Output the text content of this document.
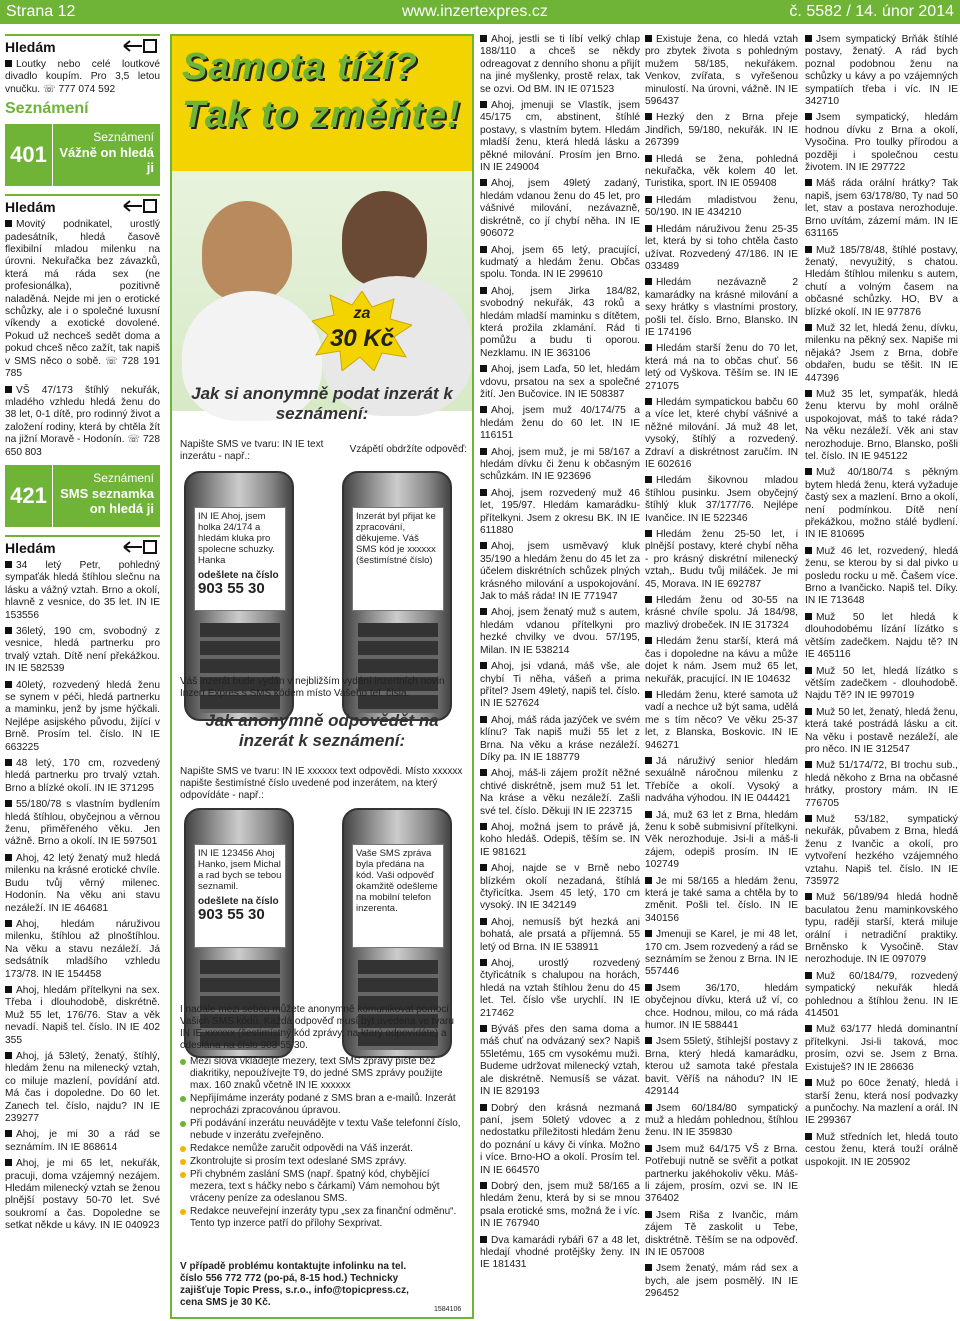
Strana 12	www.inzertexpres.cz	č. 5582 / 14. únor 2014
Hledám

Loutky nebo celé loutkové divadlo koupím. Pro 3,5 letou vnučku. ☏ 777 074 592

Seznámení
401
Seznámení
Vážně on hledá ji
Hledám

Movitý podnikatel, urostlý padesátník, hledá časově flexibilní mladou milenku na úrovni. Nekuřačka bez závazků, která má ráda sex (ne profesionálka), pozitivně naladěná. Nejde mi jen o erotické schůzky, ale i o společné luxusní víkendy a exotické dovolené. Pokud už nechceš sedět doma a pokud chceš něco zažít, tak napiš v SMS něco o sobě. ☏ 728 191 785

VŠ 47/173 štíhlý nekuřák, mladého vzhledu hledá ženu do 38 let, 0-1 dítě, pro rodinný život a založení rodiny, která by chtěla žít na jižní Moravě - Hodonín. ☏ 728 650 803

421
Seznámení
SMS seznamka on hledá ji
Hledám

34 letý Petr, pohledný sympaťák hledá štíhlou slečnu na lásku a vážný vztah. Brno a okolí, hlavně z vesnice, do 35 let. IN IE 153556

36letý, 190 cm, svobodný z vesnice, hledá partnerku pro trvalý vztah. Dítě není překážkou. IN IE 582539

40letý, rozvedený hledá ženu se synem v péči, hledá partnerku a maminku, jenž by jsme hýčkali. Nejlépe asijského původu, žijící v Brně. Prosím tel. číslo. IN IE 663225

48 letý, 170 cm, rozvedený hledá partnerku pro trvalý vztah. Brno a blízké okolí. IN IE 371295

55/180/78 s vlastním bydlením hledá štíhlou, obyčejnou a věrnou ženu, přiměřeného věku. Jen vážně. Brno a okolí. IN IE 597501

Ahoj, 42 letý ženatý muž hledá milenku na krásné erotické chvíle. Budu tvůj věrný milenec. Hodonín. Na věku ani stavu nezáleží. IN IE 464681

Ahoj, hledám náruživou milenku, štíhlou až plnoštíhlou. Na věku a stavu nezáleží. Já sedsátník mladšího vzhledu 173/78. IN IE 154458

Ahoj, hledám přítelkyni na sex. Třeba i dlouhodobě, diskrétně. Muž 55 let, 176/76. Stav a věk nevadí. Napiš tel. číslo. IN IE 402 355

Ahoj, já 53letý, ženatý, štíhlý, hledám ženu na milenecký vztah, co miluje mazlení, povídání atd. Má čas i dopoledne. Do 60 let. Zanech tel. číslo, najdu? IN IE 239277

Ahoj, je mi 30 a rád se seznámím. IN IE 868614

Ahoj, je mi 65 let, nekuřák, pracuji, doma vzájemný nezájem. Hledám milenecký vztah se ženou plnější postavy 50-70 let. Své soukromí a čas. Dopoledne se setkat někde u kávy. IN IE 040923

Samota tíží?
Tak to změňte!
za
30 Kč
Jak si anonymně podat inzerát k seznámení:
Napište SMS ve tvaru: IN IE text inzerátu - např.:
Vzápětí obdržíte odpověď:
IN IE Ahoj, jsem holka 24/174 a hledám kluka pro spolecne schuzky. Hanka
odešlete na číslo
903 55 30
Inzerát byl přijat ke zpracování, děkujeme. Váš SMS kód je xxxxxx (šestimístné číslo)
Váš inzerát bude vydán v nejbližším vydání inzertních novin Inzert Expres s SMS kódem místo Vašeho tel. čísla.
Jak anonymně odpovědět na inzerát k seznámení:
Napište SMS ve tvaru: IN IE xxxxxx text odpovědi. Místo xxxxxx napište šestimístné číslo uvedené pod inzerátem, na který odpovídáte - např.:
IN IE 123456 Ahoj Hanko, jsem Michal a rad bych se tebou seznamil.
odešlete na číslo
903 55 30
Vaše SMS zpráva byla předána na kód. Vaši odpověď okamžitě odešleme na mobilní telefon inzerenta.
I nadále mezi sebou můžete anonymně komunikovat pomocí Vašich SMS kódů. Každá odpověď musí být uvedena ve tvaru IN IE xxxxxx (šestimístný kód zprávy, na který odpovídáte) a odeslána na číslo 903 55 30.
Mezi slova vkládejte mezery, text SMS zprávy pište bez diakritiky, nepoužívejte T9, do jedné SMS zprávy použijte max. 160 znaků včetně IN IE xxxxxx
Nepřijímáme inzeráty podané z SMS bran a e-mailů. Inzerát neprocházi zpracovánou úpravou.
Při podávání inzerátu neuvádějte v textu Vaše telefonní číslo, nebude v inzerátu zveřejněno.
Redakce nemůže zaručit odpovědi na Váš inzerát.
Zkontrolujte si prosím text odeslané SMS zprávy.
Při chybném zaslání SMS (např. špatný kód, chybějící mezera, text s háčky nebo s čárkami) Vám nemohou být vráceny peníze za odeslanou SMS.
Redakce neuveřejní inzeráty typu „sex za finanční odměnu“. Tento typ inzerce patří do přílohy Sexprivat.
V případě problému kontaktujte infolinku na tel. číslo 556 772 772 (po-pá, 8-15 hod.) Technicky zajišťuje Topic Press, s.r.o., info@topicpress.cz, cena SMS je 30 Kč.
1584106

Ahoj, jestli se ti líbí velký chlap 188/110 a chceš se někdy odreagovat z denního shonu a přijít na jiné myšlenky, prostě relax, tak se ozvi. Od BM. IN IE 071523

Ahoj, jmenuji se Vlastík, jsem 45/175 cm, abstinent, štíhlé postavy, s vlastním bytem. Hledám mladší ženu, která hledá lásku a pěkné milování. Prosím jen Brno. IN IE 249004

Ahoj, jsem 49letý zadaný, hledám vdanou ženu do 45 let, pro vášnivé milování, nezávazně, diskrétně, co jí chybí něha. IN IE 906072

Ahoj, jsem 65 letý, pracující, kudmatý a hledám ženu. Občas spolu. Tonda. IN IE 299610

Ahoj, jsem Jirka 184/82, svobodný nekuřák, 43 roků a hledám mladší maminku s dítětem, která prožila zklamání. Rád ti pomůžu a budu ti oporou. Nezklamu. IN IE 363106

Ahoj, jsem Laďa, 50 let, hledám vdovu, prsatou na sex a společné žití. Jen Bučovice. IN IE 508387

Ahoj, jsem muž 40/174/75 a hledám ženu do 60 let. IN IE 116151

Ahoj, jsem muž, je mi 58/167 a hledám dívku či ženu k občasným schůzkám. IN IE 923696

Ahoj, jsem rozvedený muž 46 let, 195/97. Hledám kamarádku-přítelkyni. Jsem z okresu BK. IN IE 611880

Ahoj, jsem usměvavý kluk 35/190 a hledám ženu do 45 let za účelem diskrétních schůzek plných krásného milování a uspokojování. Jak to máš ráda! IN IE 771947

Ahoj, jsem ženatý muž s autem, hledám vdanou přítelkyni pro hezké chvilky ve dvou. 57/195, Milan. IN IE 538214

Ahoj, jsi vdaná, máš vše, ale chybí Ti něha, vášeň a prima přítel? Jsem 49letý, napiš tel. číslo. IN IE 527624

Ahoj, máš ráda jazýček ve svém klínu? Tak napiš muži 55 let z Brna. Na věku a kráse nezáleží. Díky pa. IN IE 188779

Ahoj, máš-li zájem prožít něžné chtivé diskrétně, jsem muž 51 let. Na kráse a věku nezáleží. Zašli své tel. číslo. Děkuji IN IE 223715

Ahoj, možná jsem to právě já, koho hledáš. Odepiš, těším se. IN IE 981621

Ahoj, najde se v Brně nebo blízkém okolí nezadaná, štíhlá čtyřicítka. Jsem 45 letý, 170 cm vysoký. IN IE 342149

Ahoj, nemusíš být hezká ani bohatá, ale prsatá a příjemná. 55 letý od Brna. IN IE 538911

Ahoj, urostlý rozvedený čtyřicátník s chalupou na horách, hledá na vztah štíhlou ženu do 45 let. Tel. číslo vše urychlí. IN IE 217462

Býváš přes den sama doma a máš chuť na odvázaný sex? Napiš 55letému, 165 cm vysokému muži. Budeme udržovat milenecký vztah, ale diskrétně. Nemusíš se vázat. IN IE 829193

Dobrý den krásná nezmaná paní, jsem 50letý vdovec a z nedostatku příležitosti hledám ženu do poznání u kávy či vínka. Možno i více. Brno-HO a okolí. Prosím tel. IN IE 664570

Dobrý den, jsem muž 58/165 a hledám ženu, která by si se mnou psala erotické sms, možná že i víc. IN IE 767940

Dva kamarádi rybáři 67 a 48 let, hledají vhodné protějšky ženy. IN IE 181431

Existuje žena, co hledá vztah pro zbytek života s pohledným mužem 58/185, nekuřákem. Venkov, zvířata, s vyřešenou minulostí. Na úrovni, vážně. IN IE 596437

Hezký den z Brna přeje Jindřich, 59/180, nekuřák. IN IE 267399

Hledá se žena, pohledná nekuřačka, věk kolem 40 let. Turistika, sport. IN IE 059408

Hledám mladistvou ženu, 50/190. IN IE 434210

Hledám náruživou ženu 25-35 let, která by si toho chtěla často užívat. Rozvedený 47/186. IN IE 033489

Hledám nezávazně 2 kamarádky na krásné milování a sexy hrátky s vlastními prostory, pošli tel. číslo. Brno, Blansko. IN IE 174196

Hledám starší ženu do 70 let, která má na to občas chuť. 56 letý od Vyškova. Těším se. IN IE 271075

Hledám sympatickou babču 60 a více let, které chybí vášnivé a něžné milování. Já muž 48 let, vysoký, štíhlý a rozvedený. Zdraví a diskrétnost zaručím. IN IE 602616

Hledám šikovnou mladou štíhlou pusinku. Jsem obyčejný štíhlý kluk 37/177/76. Nejlépe Ivančice. IN IE 522346

Hledám ženu 25-50 let, i plnější postavy, které chybí něha - pro krásný diskrétní milenecký vztah,. Budu tvůj miláček. Je mi 45, Morava. IN IE 692787

Hledám ženu od 30-55 na krásné chvíle spolu. Já 184/98, mazlivý drobeček. IN IE 317324

Hledám ženu starší, která má čas i dopoledne na kávu a může dojet k nám. Jsem muž 65 let, nekuřák, pracující. IN IE 104632

Hledám ženu, které samota už vadí a nechce už být sama, udělá me s tím něco? Ve věku 25-37 let, z Blanska, Boskovic. IN IE 946271

Já náruživý senior hledám sexuálně náročnou milenku z Třebíče a okolí. Vysoký a nadváha výhodou. IN IE 044421

Já, muž 63 let z Brna, hledám ženu k sobě submisivní přítelkyni. Věk nerozhoduje. Jsi-li a máš-li zájem, odepiš prosím. IN IE 102749

Je mi 58/165 a hledám ženu, která je také sama a chtěla by to změnit. Pošli tel. číslo. IN IE 340156

Jmenuji se Karel, je mi 48 let, 170 cm. Jsem rozvedený a rád se seznámím se ženou z Brna. IN IE 557446

Jsem 36/170, hledám obyčejnou dívku, která už ví, co chce. Hodnou, milou, co má ráda humor. IN IE 588441

Jsem 55letý, štíhlejší postavy z Brna, který hledá kamarádku, kterou už samota také přestala bavit. Věříš na náhodu? IN IE 429144

Jsem 60/184/80 sympatický muž a hledám pohlednou, štíhlou ženu. IN IE 359830

Jsem muž 64/175 VŠ z Brna. Potřebuji nutně se svěřit a potkat partnerku jakéhokoliv věku. Máš-li zájem, prosím, ozvi se. IN IE 376402

Jsem Riša z Ivančic, mám zájem Tě zaskolit u Tebe, disktrétně. Těším se na odpověď. IN IE 057008

Jsem ženatý, mám rád sex a bych, ale jsem posmělý. IN IE 296452

Jsem sympatický Brňák štíhlé postavy, ženatý. A rád bych poznal podobnou ženu na schůzky u kávy a po vzájemných sympatiích třeba i víc. IN IE 342710

Jsem sympatický, hledám hodnou dívku z Brna a okolí, Vysočina. Pro toulky přírodou a později i společnou cestu životem. IN IE 297722

Máš ráda orální hrátky? Tak napiš, jsem 63/178/80, Ty nad 50 let, stav a postava nerozhoduje. Brno uvítám, zázemí mám. IN IE 631165

Muž 185/78/48, štíhlé postavy, ženatý, nevyužitý, s chatou. Hledám štíhlou milenku s autem, chutí a volným časem na občasné schůzky. HO, BV a blízké okolí. IN IE 977876

Muž 32 let, hledá ženu, dívku, milenku na pěkný sex. Napiše mi nějaká? Jsem z Brna, dobře obdařen, budu se těšit. IN IE 447396

Muž 35 let, sympaťák, hledá ženu ktervu by mohl orálně uspokojovat, máš to také ráda? Na věku nezáleží. Věk ani stav nerozhoduje. Brno, Blansko, pošli tel. číslo. IN IE 945122

Muž 40/180/74 s pěkným bytem hledá ženu, která vyžaduje častý sex a mazlení. Brno a okolí, není podmínkou. Dítě není překážkou, možno stálé bydlení. IN IE 810695

Muž 46 let, rozvedený, hledá ženu, se kterou by si dal pivko u posledu rocku u mě. Čašem více. Brno a Ivančicko. Napiš tel. Díky. IN IE 713648

Muž 50 let hledá k dlouhodobému lízání lízátko s větším zadečkem. Najdu tě? IN IE 465116

Muž 50 let, hledá lízátko s větším zadečkem - dlouhodobě. Najdu Tě? IN IE 997019

Muž 50 let, ženatý, hledá ženu, která také postrádá lásku a cit. Na věku i postavě nezáleží, ale pro něco. IN IE 312547

Muž 51/174/72, BI trochu sub., hledá někoho z Brna na občasné hrátky, prostory mám. IN IE 776705

Muž 53/182, sympatický nekuřák, půvabem z Brna, hledá ženu z Ivančic a okolí, pro vytvoření hezkého vzájemného vztahu. Napiš tel. číslo. IN IE 735972

Muž 56/189/94 hledá hodně baculatou ženu maminkovského typu, raději starší, která miluje orální i netradiční praktiky. Brněnsko k Vysočině. Stav nerozhoduje. IN IE 097079

Muž 60/184/79, rozvedený sympatický nekuřák hledá pohlednou a štíhlou ženu. IN IE 414501

Muž 63/177 hledá dominantní přítelkyni. Jsi-li taková, moc prosím, ozvi se. Jsem z Brna. Existuješ? IN IE 286636

Muž po 60ce ženatý, hledá i starší ženu, která nosí podvazky a punčochy. Na mazlení a orál. IN IE 299367

Muž středních let, hledá touto cestou ženu, která touží orálně uspokojit. IN IE 205902
